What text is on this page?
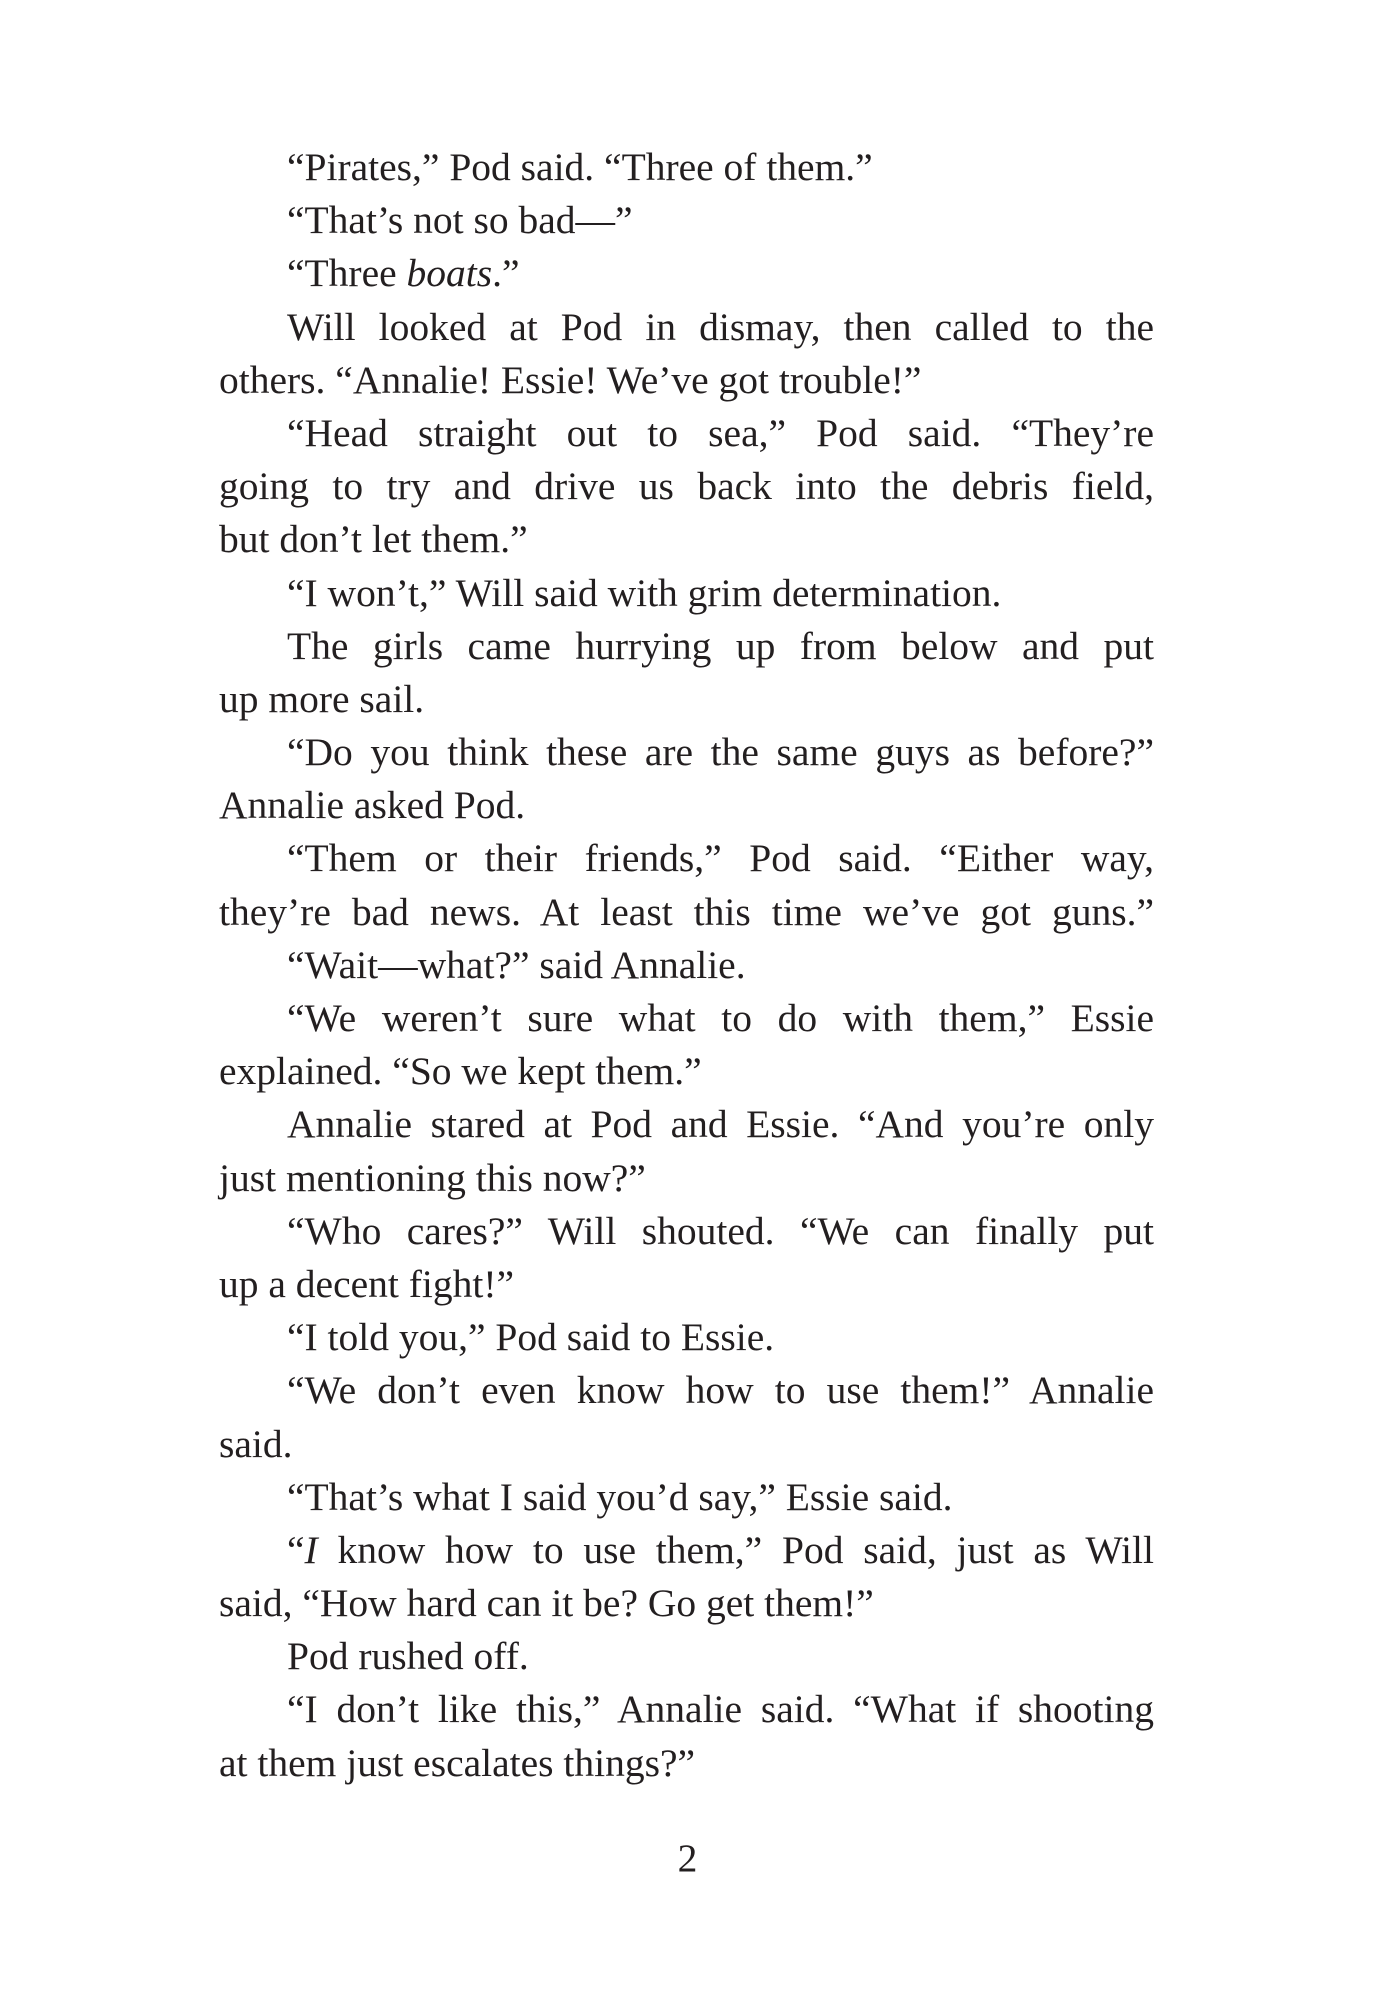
“Pirates,” Pod said. “Three of them.”
“That’s not so bad—”
“Three boats.”
Will looked at Pod in dismay, then called to the
others. “Annalie! Essie! We’ve got trouble!”
“Head straight out to sea,” Pod said. “They’re
going to try and drive us back into the debris field,
but don’t let them.”
“I won’t,” Will said with grim determination.
The girls came hurrying up from below and put
up more sail.
“Do you think these are the same guys as before?”
Annalie asked Pod.
“Them or their friends,” Pod said. “Either way,
they’re bad news. At least this time we’ve got guns.”
“Wait—what?” said Annalie.
“We weren’t sure what to do with them,” Essie
explained. “So we kept them.”
Annalie stared at Pod and Essie. “And you’re only
just mentioning this now?”
“Who cares?” Will shouted. “We can finally put
up a decent fight!”
“I told you,” Pod said to Essie.
“We don’t even know how to use them!” Annalie
said.
“That’s what I said you’d say,” Essie said.
“I know how to use them,” Pod said, just as Will
said, “How hard can it be? Go get them!”
Pod rushed off.
“I don’t like this,” Annalie said. “What if shooting
at them just escalates things?”
2
